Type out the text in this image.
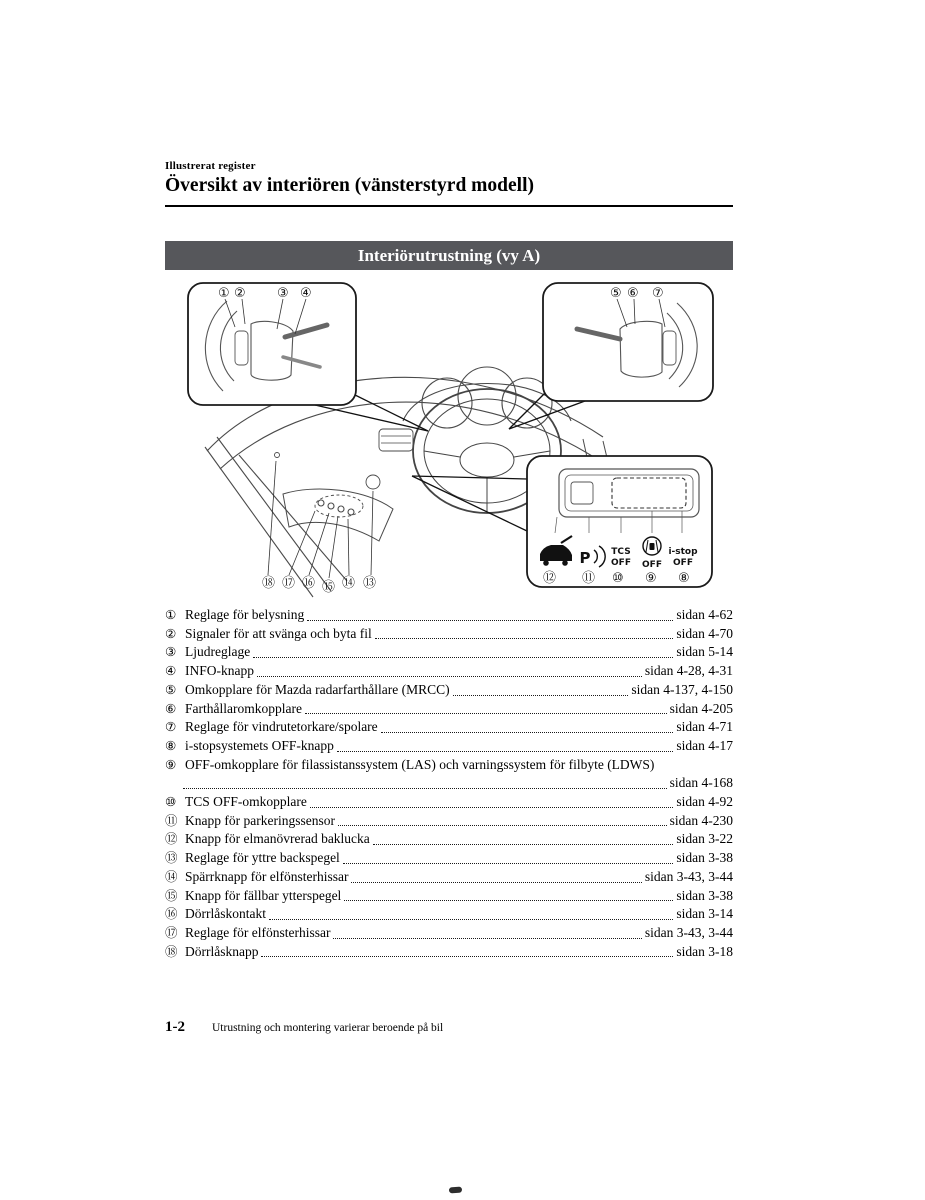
Illustrerat register
Översikt av interiören (vänsterstyrd modell)
Interiörutrustning (vy A)
P TCS
OFF OFF
i-stop
OFF
① ② ③ ④	⑤ ⑥ ⑦
⑧
⑨
⑩
⑪
⑫
⑬
⑭
⑮
⑯
⑰
⑱
① Reglage för belysning	sidan 4-62
② Signaler för att svänga och byta fil	sidan 4-70
③ Ljudreglage	sidan 5-14
④ INFO-knapp	sidan 4-28, 4-31
⑤ Omkopplare för Mazda radarfarthållare (MRCC)	sidan 4-137, 4-150
⑥ Farthållaromkopplare	sidan 4-205
⑦ Reglage för vindrutetorkare/spolare	sidan 4-71
⑧ i-stopsystemets OFF-knapp	sidan 4-17
⑨ OFF-omkopplare för filassistanssystem (LAS) och varningssystem för filbyte (LDWS)
sidan 4-168
⑩ TCS OFF-omkopplare	sidan 4-92
⑪ Knapp för parkeringssensor	sidan 4-230
⑫ Knapp för elmanövrerad baklucka	sidan 3-22
⑬ Reglage för yttre backspegel	sidan 3-38
⑭ Spärrknapp för elfönsterhissar	sidan 3-43, 3-44
⑮ Knapp för fällbar ytterspegel	sidan 3-38
⑯ Dörrlåskontakt	sidan 3-14
⑰ Reglage för elfönsterhissar	sidan 3-43, 3-44
⑱ Dörrlåsknapp	sidan 3-18
1-2 Utrustning och montering varierar beroende på bil
